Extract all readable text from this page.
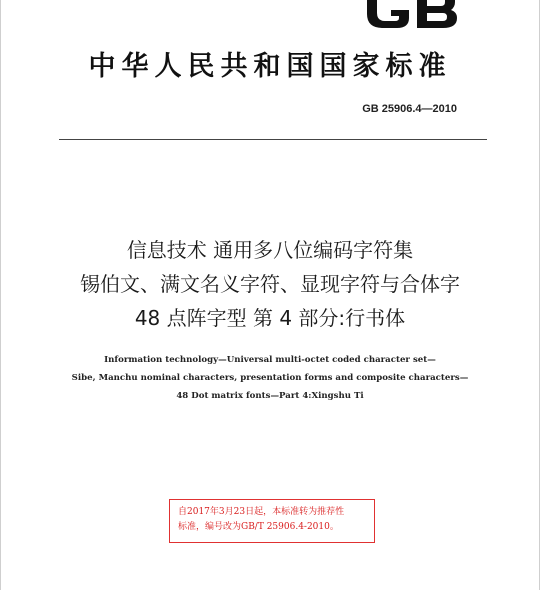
中华人民共和国国家标准
GB 25906.4—2010
信息技术 通用多八位编码字符集
锡伯文、满文名义字符、显现字符与合体字
48 点阵字型 第 4 部分:行书体
Information technology—Universal multi-octet coded character set—
Sibe, Manchu nominal characters, presentation forms and composite characters—
48 Dot matrix fonts—Part 4:Xingshu Ti
自2017年3月23日起，本标准转为推荐性
标准，编号改为GB/T 25906.4-2010。
